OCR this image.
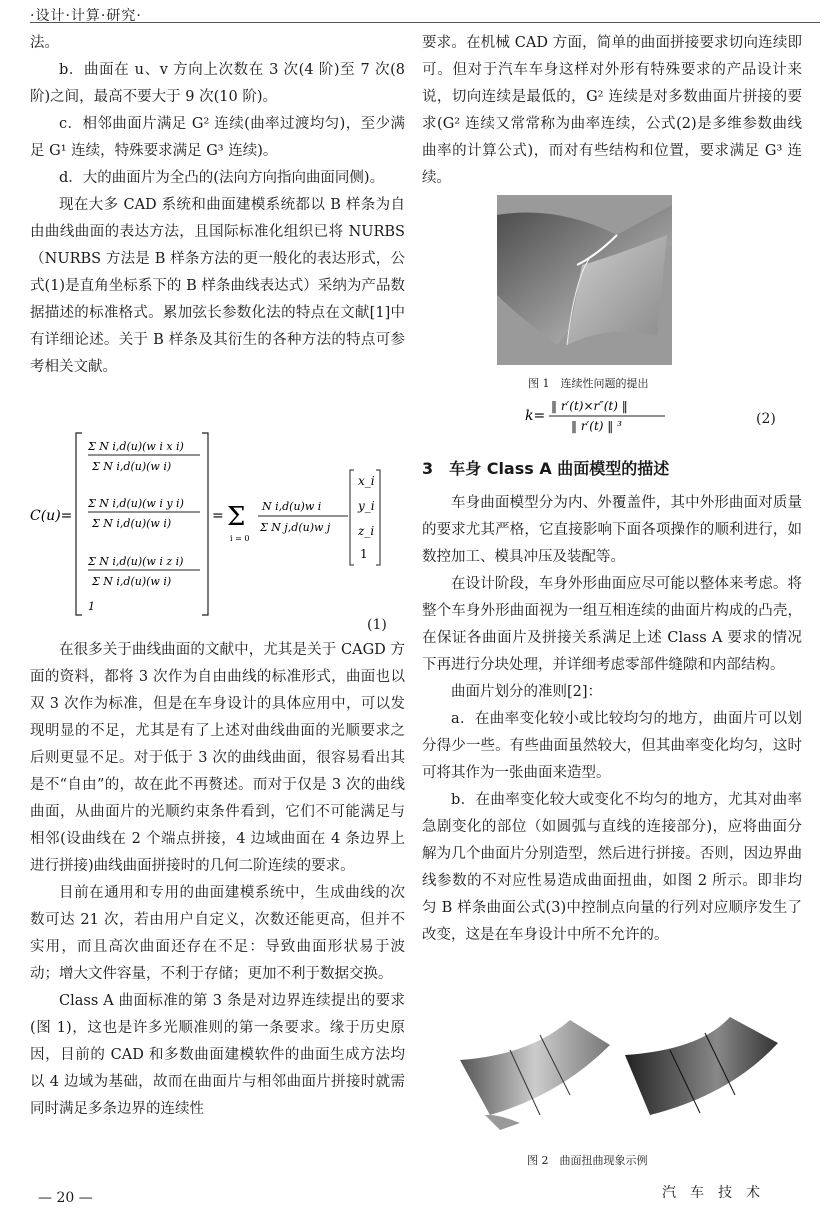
·设计·计算·研究·

法。

b．曲面在 u、v 方向上次数在 3 次(4 阶)至 7 次(8 阶)之间，最高不要大于 9 次(10 阶)。

c．相邻曲面片满足 G² 连续(曲率过渡均匀)，至少满足 G¹ 连续，特殊要求满足 G³ 连续)。

d．大的曲面片为全凸的(法向方向指向曲面同侧)。

现在大多 CAD 系统和曲面建模系统都以 B 样条为自由曲线曲面的表达方法，且国际标准化组织已将 NURBS（NURBS 方法是 B 样条方法的更一般化的表达形式，公式(1)是直角坐标系下的 B 样条曲线表达式）采纳为产品数据描述的标准格式。累加弦长参数化法的特点在文献[1]中有详细论述。关于 B 样条及其衍生的各种方法的特点可参考相关文献。

C(u)=
Σ N i,d(u)(w i x i)
Σ N i,d(u)(w i)
Σ N i,d(u)(w i y i)
Σ N i,d(u)(w i)
Σ N i,d(u)(w i z i)
Σ N i,d(u)(w i)
1
= Σ
i = 0
N i,d(u)w i
Σ N j,d(u)w j
x_i
y_i
z_i
1
(1)

在很多关于曲线曲面的文献中，尤其是关于 CAGD 方面的资料，都将 3 次作为自由曲线的标准形式，曲面也以双 3 次作为标准，但是在车身设计的具体应用中，可以发现明显的不足，尤其是有了上述对曲线曲面的光顺要求之后则更显不足。对于低于 3 次的曲线曲面，很容易看出其是不“自由”的，故在此不再赘述。而对于仅是 3 次的曲线曲面，从曲面片的光顺约束条件看到，它们不可能满足与相邻(设曲线在 2 个端点拼接，4 边域曲面在 4 条边界上进行拼接)曲线曲面拼接时的几何二阶连续的要求。

目前在通用和专用的曲面建模系统中，生成曲线的次数可达 21 次，若由用户自定义，次数还能更高，但并不实用，而且高次曲面还存在不足：导致曲面形状易于波动；增大文件容量，不利于存储；更加不利于数据交换。

Class A 曲面标准的第 3 条是对边界连续提出的要求(图 1)，这也是许多光顺准则的第一条要求。缘于历史原因，目前的 CAD 和多数曲面建模软件的曲面生成方法均以 4 边域为基础，故而在曲面片与相邻曲面片拼接时就需同时满足多条边界的连续性

要求。在机械 CAD 方面，简单的曲面拼接要求切向连续即可。但对于汽车车身这样对外形有特殊要求的产品设计来说，切向连续是最低的，G² 连续是对多数曲面片拼接的要求(G² 连续又常常称为曲率连续，公式(2)是多维参数曲线曲率的计算公式)，而对有些结构和位置，要求满足 G³ 连续。

图 1　连续性问题的提出
k=
‖ r′(t)×r″(t) ‖
‖ r′(t) ‖ ³	(2)
3　车身 Class A 曲面模型的描述

车身曲面模型分为内、外覆盖件，其中外形曲面对质量的要求尤其严格，它直接影响下面各项操作的顺利进行，如数控加工、模具冲压及装配等。

在设计阶段，车身外形曲面应尽可能以整体来考虑。将整个车身外形曲面视为一组互相连续的曲面片构成的凸壳，在保证各曲面片及拼接关系满足上述 Class A 要求的情况下再进行分块处理，并详细考虑零部件缝隙和内部结构。

曲面片划分的准则[2]：

a．在曲率变化较小或比较均匀的地方，曲面片可以划分得少一些。有些曲面虽然较大，但其曲率变化均匀，这时可将其作为一张曲面来造型。

b．在曲率变化较大或变化不均匀的地方，尤其对曲率急剧变化的部位（如圆弧与直线的连接部分)，应将曲面分解为几个曲面片分别造型，然后进行拼接。否则，因边界曲线参数的不对应性易造成曲面扭曲，如图 2 所示。即非均匀 B 样条曲面公式(3)中控制点向量的行列对应顺序发生了改变，这是在车身设计中所不允许的。

图 2　曲面扭曲现象示例
— 20 —	汽　车　技　术
